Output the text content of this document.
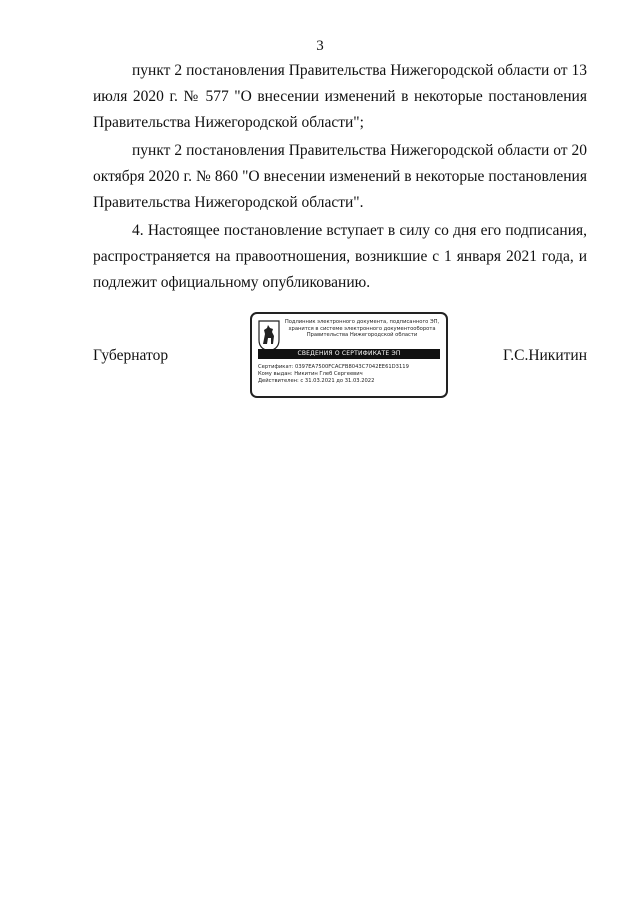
3

пункт 2 постановления Правительства Нижегородской области от 13 июля 2020 г. № 577 "О внесении изменений в некоторые постановления Правительства Нижегородской области";

пункт 2 постановления Правительства Нижегородской области от 20 октября 2020 г. № 860 "О внесении изменений в некоторые постановления Правительства Нижегородской области".

4. Настоящее постановление вступает в силу со дня его подписания, распространяется на правоотношения, возникшие с 1 января 2021 года, и подлежит официальному опубликованию.

Губернатор
Подлинник электронного документа, подписанного ЭП,
хранится в системе электронного документооборота
Правительства Нижегородской области
СВЕДЕНИЯ О СЕРТИФИКАТЕ ЭП
Сертификат: 0397EA7500FCACFB8043C7042EE61D3119
Кому выдан: Никитин Глеб Сергеевич
Действителен: с 31.03.2021 до 31.03.2022
Г.С.Никитин
